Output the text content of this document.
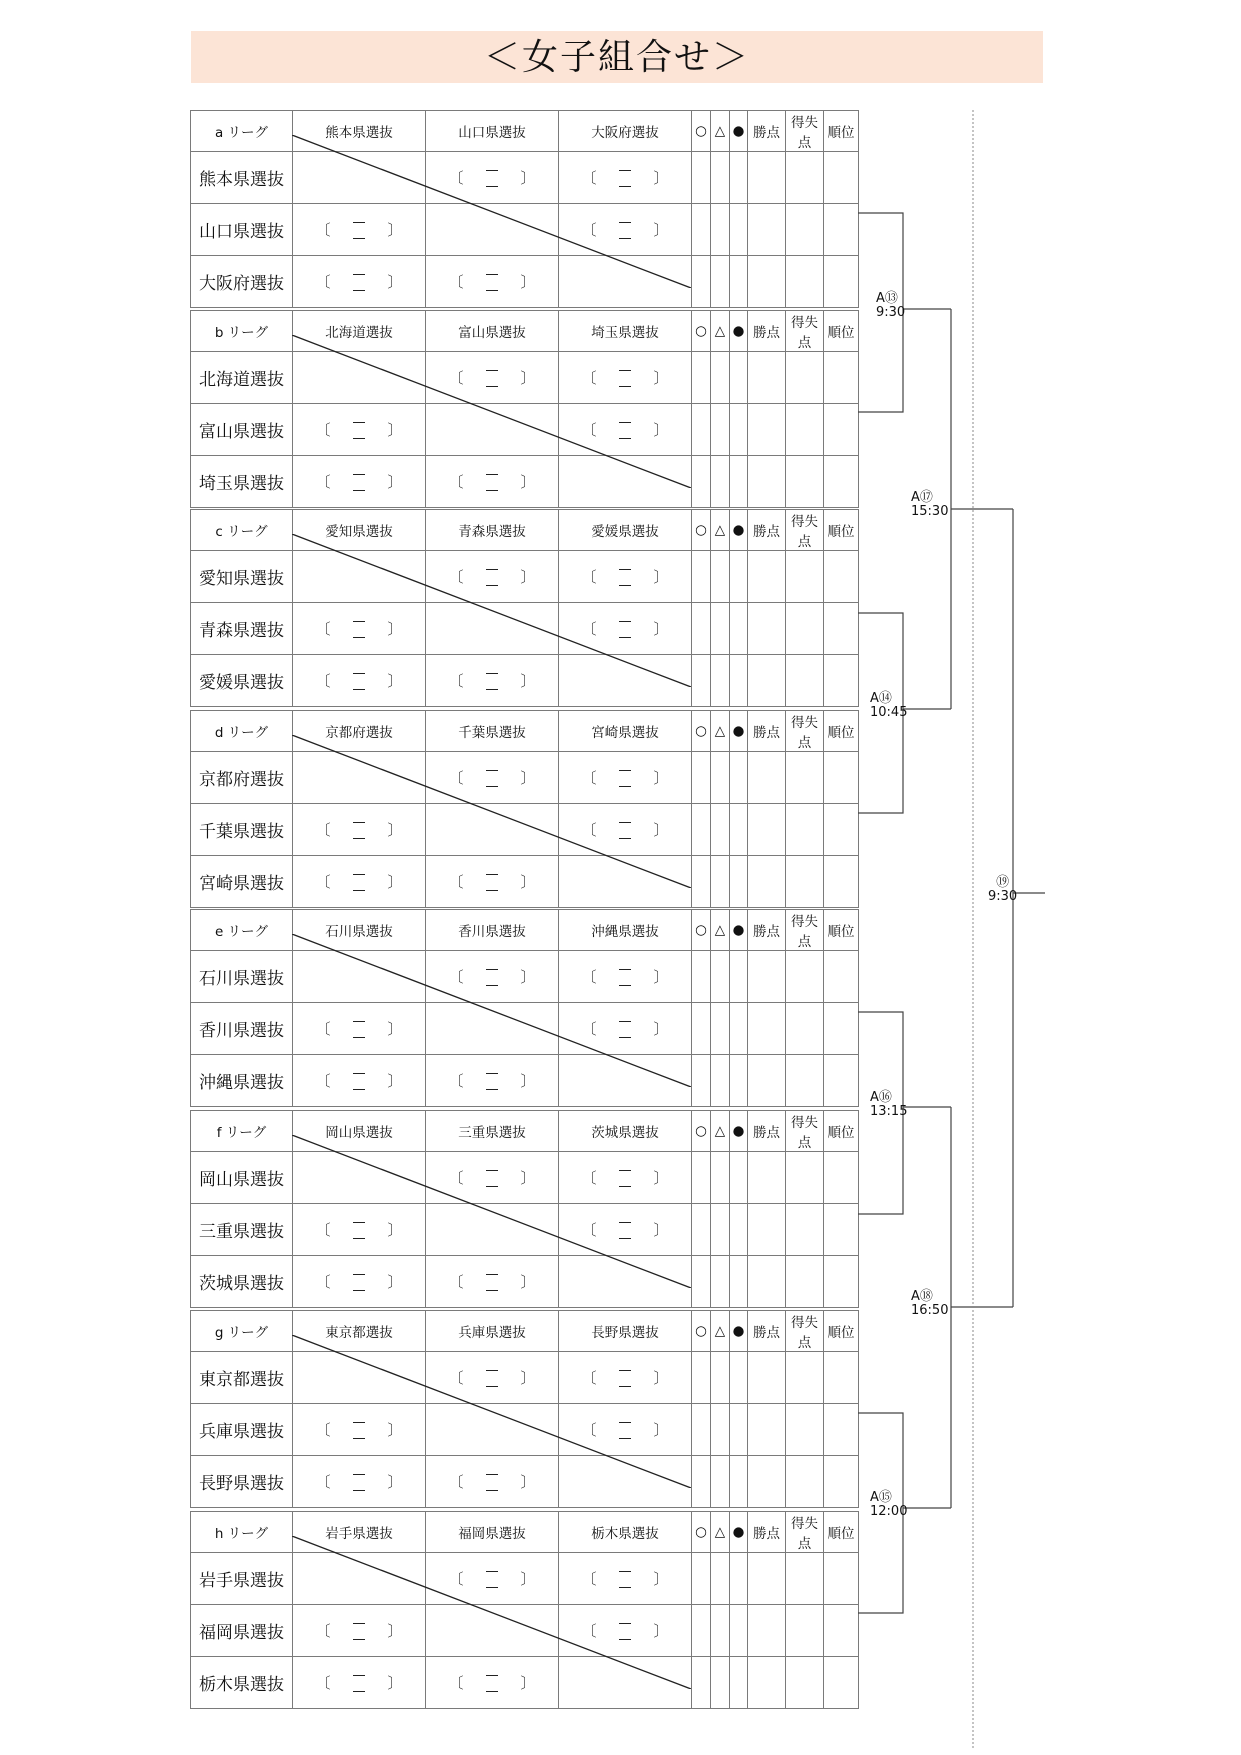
＜女子組合せ＞
a リーグ	熊本県選抜	山口県選抜	大阪府選抜	○	△	●	勝点	得失点	順位
熊本県選抜		〔 〕	〔 〕						

山口県選抜	〔 〕		〔 〕						

大阪府選抜	〔 〕	〔 〕							

b リーグ	北海道選抜	富山県選抜	埼玉県選抜	○	△	●	勝点	得失点	順位
北海道選抜		〔 〕	〔 〕						

富山県選抜	〔 〕		〔 〕						

埼玉県選抜	〔 〕	〔 〕							

c リーグ	愛知県選抜	青森県選抜	愛媛県選抜	○	△	●	勝点	得失点	順位
愛知県選抜		〔 〕	〔 〕						

青森県選抜	〔 〕		〔 〕						

愛媛県選抜	〔 〕	〔 〕							

d リーグ	京都府選抜	千葉県選抜	宮崎県選抜	○	△	●	勝点	得失点	順位
京都府選抜		〔 〕	〔 〕						

千葉県選抜	〔 〕		〔 〕						

宮崎県選抜	〔 〕	〔 〕							

e リーグ	石川県選抜	香川県選抜	沖縄県選抜	○	△	●	勝点	得失点	順位
石川県選抜		〔 〕	〔 〕						

香川県選抜	〔 〕		〔 〕						

沖縄県選抜	〔 〕	〔 〕							

f リーグ	岡山県選抜	三重県選抜	茨城県選抜	○	△	●	勝点	得失点	順位
岡山県選抜		〔 〕	〔 〕						

三重県選抜	〔 〕		〔 〕						

茨城県選抜	〔 〕	〔 〕							

g リーグ	東京都選抜	兵庫県選抜	長野県選抜	○	△	●	勝点	得失点	順位
東京都選抜		〔 〕	〔 〕						

兵庫県選抜	〔 〕		〔 〕						

長野県選抜	〔 〕	〔 〕							

h リーグ	岩手県選抜	福岡県選抜	栃木県選抜	○	△	●	勝点	得失点	順位
岩手県選抜		〔 〕	〔 〕						

福岡県選抜	〔 〕		〔 〕						

栃木県選抜	〔 〕	〔 〕							

A⑬
9:30
A⑭
10:45
A⑯
13:15
A⑮
12:00
A⑰
15:30
A⑱
16:50
⑲
9:30
